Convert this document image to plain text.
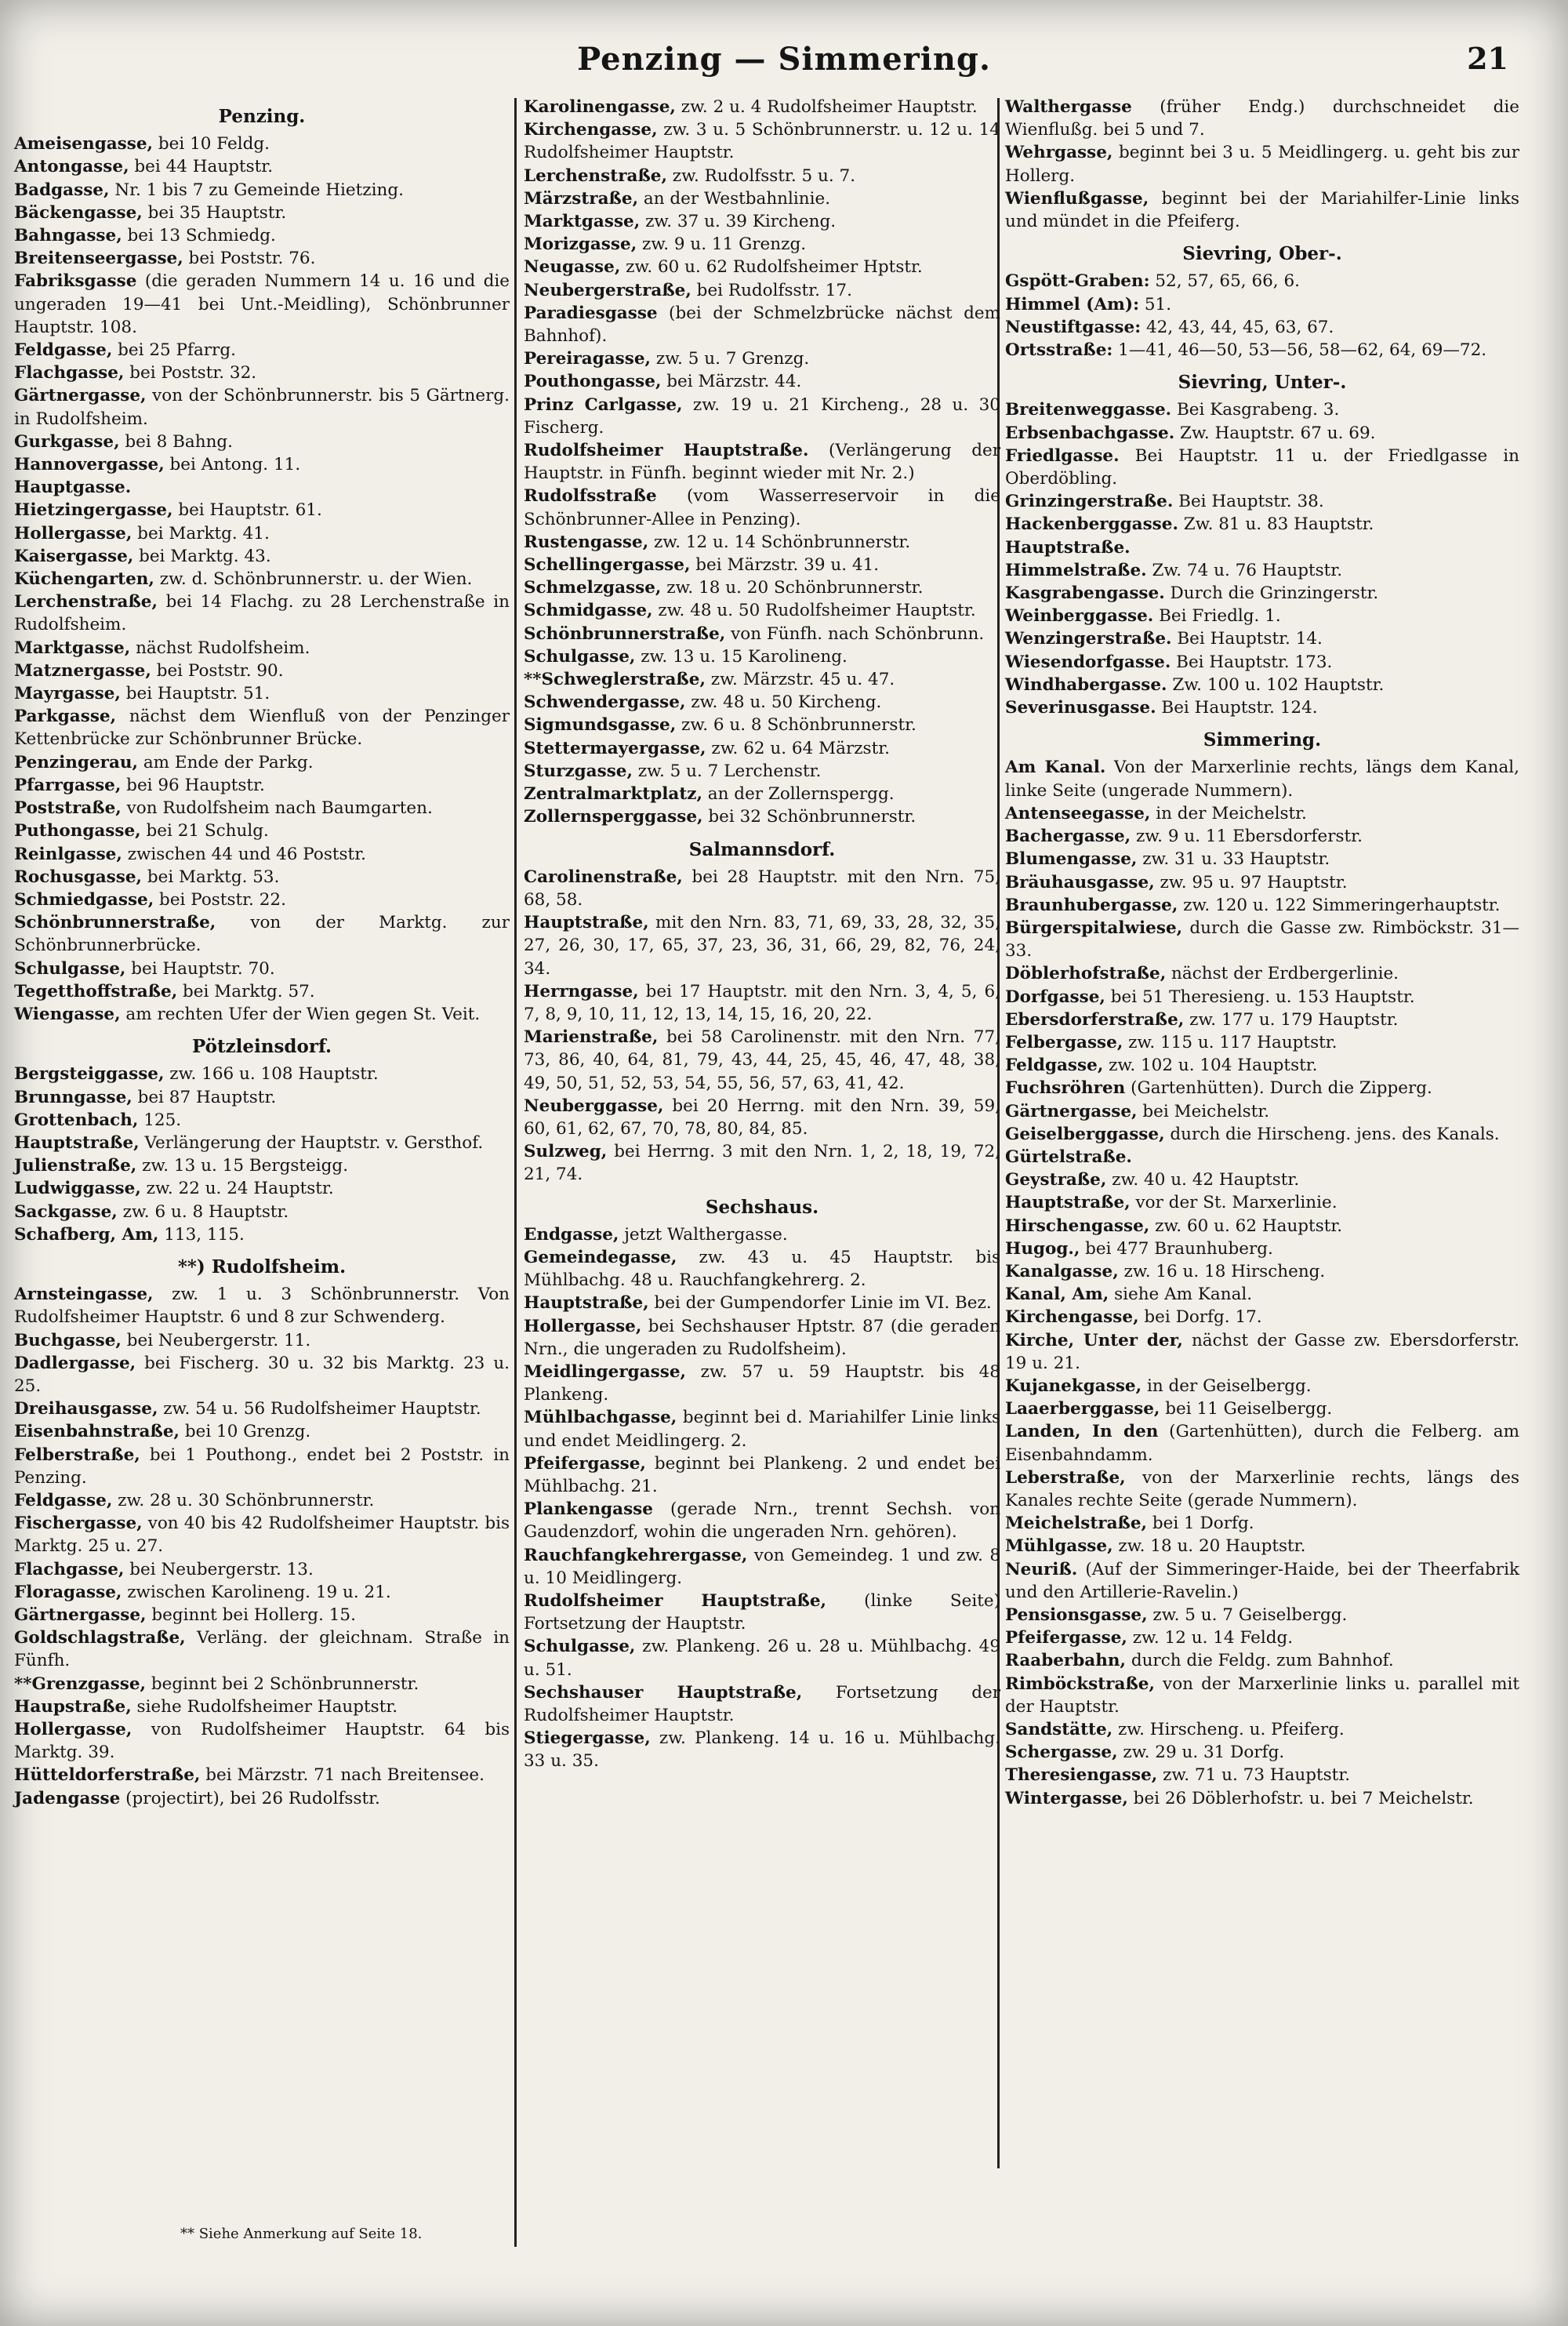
Penzing — Simmering.	21
Penzing.
Ameisengasse, bei 10 Feldg.
Antongasse, bei 44 Hauptstr.
Badgasse, Nr. 1 bis 7 zu Gemeinde Hietzing.
Bäckengasse, bei 35 Hauptstr.
Bahngasse, bei 13 Schmiedg.
Breitenseergasse, bei Poststr. 76.
Fabriksgasse (die geraden Nummern 14 u. 16 und die ungeraden 19—41 bei Unt.-Meidling), Schönbrunner Hauptstr. 108.
Feldgasse, bei 25 Pfarrg.
Flachgasse, bei Poststr. 32.
Gärtnergasse, von der Schönbrunnerstr. bis 5 Gärtnerg. in Rudolfsheim.
Gurkgasse, bei 8 Bahng.
Hannovergasse, bei Antong. 11.
Hauptgasse.
Hietzingergasse, bei Hauptstr. 61.
Hollergasse, bei Marktg. 41.
Kaisergasse, bei Marktg. 43.
Küchengarten, zw. d. Schönbrunnerstr. u. der Wien.
Lerchenstraße, bei 14 Flachg. zu 28 Lerchenstraße in Rudolfsheim.
Marktgasse, nächst Rudolfsheim.
Matznergasse, bei Poststr. 90.
Mayrgasse, bei Hauptstr. 51.
Parkgasse, nächst dem Wienfluß von der Penzinger Kettenbrücke zur Schönbrunner Brücke.
Penzingerau, am Ende der Parkg.
Pfarrgasse, bei 96 Hauptstr.
Poststraße, von Rudolfsheim nach Baumgarten.
Puthongasse, bei 21 Schulg.
Reinlgasse, zwischen 44 und 46 Poststr.
Rochusgasse, bei Marktg. 53.
Schmiedgasse, bei Poststr. 22.
Schönbrunnerstraße, von der Marktg. zur Schönbrunnerbrücke.
Schulgasse, bei Hauptstr. 70.
Tegetthoffstraße, bei Marktg. 57.
Wiengasse, am rechten Ufer der Wien gegen St. Veit.
Pötzleinsdorf.
Bergsteiggasse, zw. 166 u. 108 Hauptstr.
Brunngasse, bei 87 Hauptstr.
Grottenbach, 125.
Hauptstraße, Verlängerung der Hauptstr. v. Gersthof.
Julienstraße, zw. 13 u. 15 Bergsteigg.
Ludwiggasse, zw. 22 u. 24 Hauptstr.
Sackgasse, zw. 6 u. 8 Hauptstr.
Schafberg, Am, 113, 115.
**) Rudolfsheim.
Arnsteingasse, zw. 1 u. 3 Schönbrunnerstr. Von Rudolfsheimer Hauptstr. 6 und 8 zur Schwenderg.
Buchgasse, bei Neubergerstr. 11.
Dadlergasse, bei Fischerg. 30 u. 32 bis Marktg. 23 u. 25.
Dreihausgasse, zw. 54 u. 56 Rudolfsheimer Hauptstr.
Eisenbahnstraße, bei 10 Grenzg.
Felberstraße, bei 1 Pouthong., endet bei 2 Poststr. in Penzing.
Feldgasse, zw. 28 u. 30 Schönbrunnerstr.
Fischergasse, von 40 bis 42 Rudolfsheimer Hauptstr. bis Marktg. 25 u. 27.
Flachgasse, bei Neubergerstr. 13.
Floragasse, zwischen Karolineng. 19 u. 21.
Gärtnergasse, beginnt bei Hollerg. 15.
Goldschlagstraße, Verläng. der gleichnam. Straße in Fünfh.
**Grenzgasse, beginnt bei 2 Schönbrunnerstr.
Haupstraße, siehe Rudolfsheimer Hauptstr.
Hollergasse, von Rudolfsheimer Hauptstr. 64 bis Marktg. 39.
Hütteldorferstraße, bei Märzstr. 71 nach Breitensee.
Jadengasse (projectirt), bei 26 Rudolfsstr.
Karolinengasse, zw. 2 u. 4 Rudolfsheimer Hauptstr.
Kirchengasse, zw. 3 u. 5 Schönbrunnerstr. u. 12 u. 14 Rudolfsheimer Hauptstr.
Lerchenstraße, zw. Rudolfsstr. 5 u. 7.
Märzstraße, an der Westbahnlinie.
Marktgasse, zw. 37 u. 39 Kircheng.
Morizgasse, zw. 9 u. 11 Grenzg.
Neugasse, zw. 60 u. 62 Rudolfsheimer Hptstr.
Neubergerstraße, bei Rudolfsstr. 17.
Paradiesgasse (bei der Schmelzbrücke nächst dem Bahnhof).
Pereiragasse, zw. 5 u. 7 Grenzg.
Pouthongasse, bei Märzstr. 44.
Prinz Carlgasse, zw. 19 u. 21 Kircheng., 28 u. 30 Fischerg.
Rudolfsheimer Hauptstraße. (Verlängerung der Hauptstr. in Fünfh. beginnt wieder mit Nr. 2.)
Rudolfsstraße (vom Wasserreservoir in die Schönbrunner-Allee in Penzing).
Rustengasse, zw. 12 u. 14 Schönbrunnerstr.
Schellingergasse, bei Märzstr. 39 u. 41.
Schmelzgasse, zw. 18 u. 20 Schönbrunnerstr.
Schmidgasse, zw. 48 u. 50 Rudolfsheimer Hauptstr.
Schönbrunnerstraße, von Fünfh. nach Schönbrunn.
Schulgasse, zw. 13 u. 15 Karolineng.
**Schweglerstraße, zw. Märzstr. 45 u. 47.
Schwendergasse, zw. 48 u. 50 Kircheng.
Sigmundsgasse, zw. 6 u. 8 Schönbrunnerstr.
Stettermayergasse, zw. 62 u. 64 Märzstr.
Sturzgasse, zw. 5 u. 7 Lerchenstr.
Zentralmarktplatz, an der Zollernspergg.
Zollernsperggasse, bei 32 Schönbrunnerstr.
Salmannsdorf.
Carolinenstraße, bei 28 Hauptstr. mit den Nrn. 75, 68, 58.
Hauptstraße, mit den Nrn. 83, 71, 69, 33, 28, 32, 35, 27, 26, 30, 17, 65, 37, 23, 36, 31, 66, 29, 82, 76, 24, 34.
Herrngasse, bei 17 Hauptstr. mit den Nrn. 3, 4, 5, 6, 7, 8, 9, 10, 11, 12, 13, 14, 15, 16, 20, 22.
Marienstraße, bei 58 Carolinenstr. mit den Nrn. 77, 73, 86, 40, 64, 81, 79, 43, 44, 25, 45, 46, 47, 48, 38, 49, 50, 51, 52, 53, 54, 55, 56, 57, 63, 41, 42.
Neuberggasse, bei 20 Herrng. mit den Nrn. 39, 59, 60, 61, 62, 67, 70, 78, 80, 84, 85.
Sulzweg, bei Herrng. 3 mit den Nrn. 1, 2, 18, 19, 72, 21, 74.
Sechshaus.
Endgasse, jetzt Walthergasse.
Gemeindegasse, zw. 43 u. 45 Hauptstr. bis Mühlbachg. 48 u. Rauchfangkehrerg. 2.
Hauptstraße, bei der Gumpendorfer Linie im VI. Bez.
Hollergasse, bei Sechshauser Hptstr. 87 (die geraden Nrn., die ungeraden zu Rudolfsheim).
Meidlingergasse, zw. 57 u. 59 Hauptstr. bis 48 Plankeng.
Mühlbachgasse, beginnt bei d. Mariahilfer Linie links und endet Meidlingerg. 2.
Pfeifergasse, beginnt bei Plankeng. 2 und endet bei Mühlbachg. 21.
Plankengasse (gerade Nrn., trennt Sechsh. von Gaudenzdorf, wohin die ungeraden Nrn. gehören).
Rauchfangkehrergasse, von Gemeindeg. 1 und zw. 8 u. 10 Meidlingerg.
Rudolfsheimer Hauptstraße, (linke Seite) Fortsetzung der Hauptstr.
Schulgasse, zw. Plankeng. 26 u. 28 u. Mühlbachg. 49 u. 51.
Sechshauser Hauptstraße, Fortsetzung der Rudolfsheimer Hauptstr.
Stiegergasse, zw. Plankeng. 14 u. 16 u. Mühlbachg. 33 u. 35.
Walthergasse (früher Endg.) durchschneidet die Wienflußg. bei 5 und 7.
Wehrgasse, beginnt bei 3 u. 5 Meidlingerg. u. geht bis zur Hollerg.
Wienflußgasse, beginnt bei der Mariahilfer-Linie links und mündet in die Pfeiferg.
Sievring, Ober-.
Gspött-Graben: 52, 57, 65, 66, 6.
Himmel (Am): 51.
Neustiftgasse: 42, 43, 44, 45, 63, 67.
Ortsstraße: 1—41, 46—50, 53—56, 58—62, 64, 69—72.
Sievring, Unter-.
Breitenweggasse. Bei Kasgrabeng. 3.
Erbsenbachgasse. Zw. Hauptstr. 67 u. 69.
Friedlgasse. Bei Hauptstr. 11 u. der Friedlgasse in Oberdöbling.
Grinzingerstraße. Bei Hauptstr. 38.
Hackenberggasse. Zw. 81 u. 83 Hauptstr.
Hauptstraße.
Himmelstraße. Zw. 74 u. 76 Hauptstr.
Kasgrabengasse. Durch die Grinzingerstr.
Weinberggasse. Bei Friedlg. 1.
Wenzingerstraße. Bei Hauptstr. 14.
Wiesendorfgasse. Bei Hauptstr. 173.
Windhabergasse. Zw. 100 u. 102 Hauptstr.
Severinusgasse. Bei Hauptstr. 124.
Simmering.
Am Kanal. Von der Marxerlinie rechts, längs dem Kanal, linke Seite (ungerade Nummern).
Antenseegasse, in der Meichelstr.
Bachergasse, zw. 9 u. 11 Ebersdorferstr.
Blumengasse, zw. 31 u. 33 Hauptstr.
Bräuhausgasse, zw. 95 u. 97 Hauptstr.
Braunhubergasse, zw. 120 u. 122 Simmeringerhauptstr.
Bürgerspitalwiese, durch die Gasse zw. Rimböckstr. 31—33.
Döblerhofstraße, nächst der Erdbergerlinie.
Dorfgasse, bei 51 Theresieng. u. 153 Hauptstr.
Ebersdorferstraße, zw. 177 u. 179 Hauptstr.
Felbergasse, zw. 115 u. 117 Hauptstr.
Feldgasse, zw. 102 u. 104 Hauptstr.
Fuchsröhren (Gartenhütten). Durch die Zipperg.
Gärtnergasse, bei Meichelstr.
Geiselberggasse, durch die Hirscheng. jens. des Kanals.
Gürtelstraße.
Geystraße, zw. 40 u. 42 Hauptstr.
Hauptstraße, vor der St. Marxerlinie.
Hirschengasse, zw. 60 u. 62 Hauptstr.
Hugog., bei 477 Braunhuberg.
Kanalgasse, zw. 16 u. 18 Hirscheng.
Kanal, Am, siehe Am Kanal.
Kirchengasse, bei Dorfg. 17.
Kirche, Unter der, nächst der Gasse zw. Ebersdorferstr. 19 u. 21.
Kujanekgasse, in der Geiselbergg.
Laaerberggasse, bei 11 Geiselbergg.
Landen, In den (Gartenhütten), durch die Felberg. am Eisenbahndamm.
Leberstraße, von der Marxerlinie rechts, längs des Kanales rechte Seite (gerade Nummern).
Meichelstraße, bei 1 Dorfg.
Mühlgasse, zw. 18 u. 20 Hauptstr.
Neuriß. (Auf der Simmeringer-Haide, bei der Theerfabrik und den Artillerie-Ravelin.)
Pensionsgasse, zw. 5 u. 7 Geiselbergg.
Pfeifergasse, zw. 12 u. 14 Feldg.
Raaberbahn, durch die Feldg. zum Bahnhof.
Rimböckstraße, von der Marxerlinie links u. parallel mit der Hauptstr.
Sandstätte, zw. Hirscheng. u. Pfeiferg.
Schergasse, zw. 29 u. 31 Dorfg.
Theresiengasse, zw. 71 u. 73 Hauptstr.
Wintergasse, bei 26 Döblerhofstr. u. bei 7 Meichelstr.
** Siehe Anmerkung auf Seite 18.
